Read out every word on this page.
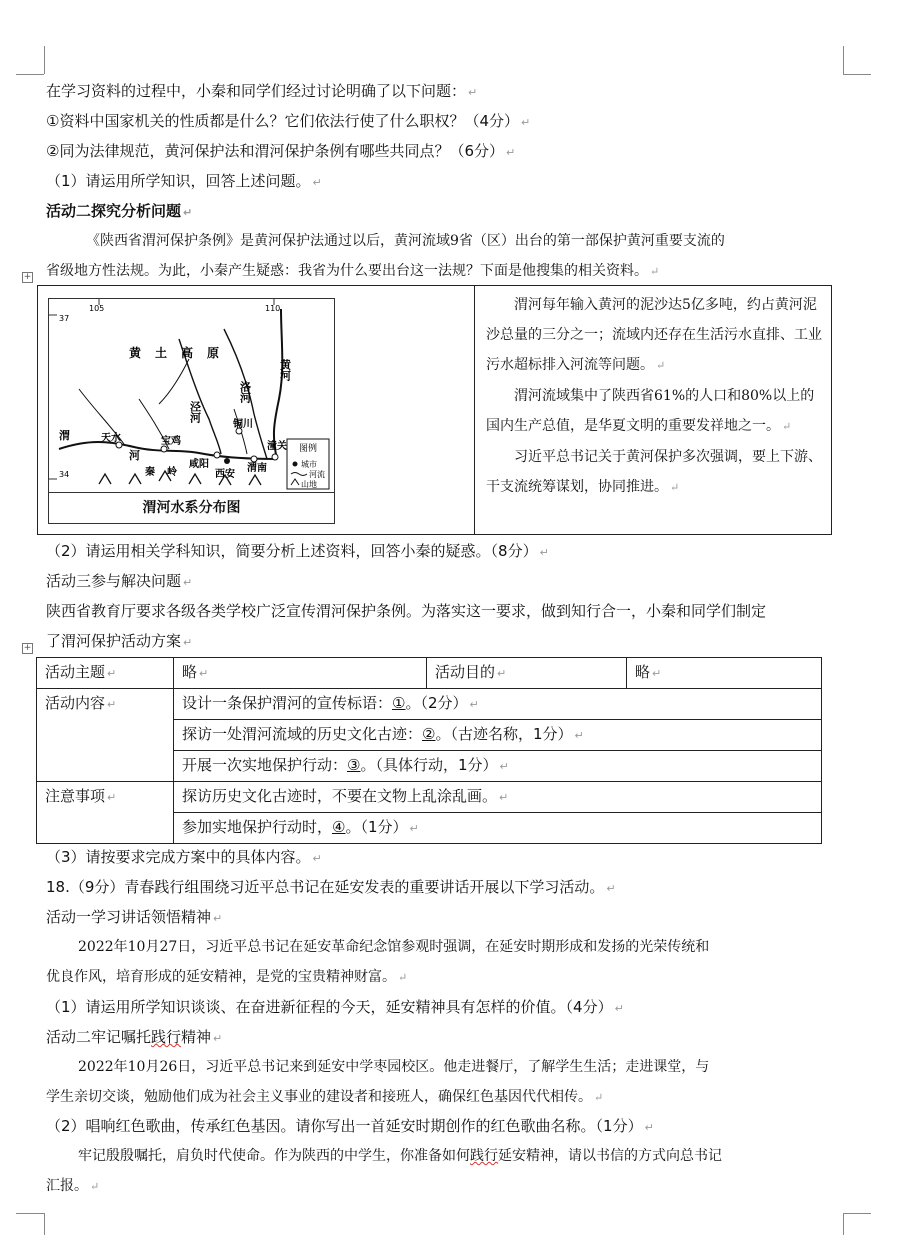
在学习资料的过程中，小秦和同学们经过讨论明确了以下问题： ↵
①资料中国家机关的性质都是什么？它们依法行使了什么职权？（4分） ↵
②同为法律规范，黄河保护法和渭河保护条例有哪些共同点？（6分） ↵
（1）请运用所学知识，回答上述问题。 ↵
活动二探究分析问题 ↵
《陕西省渭河保护条例》是黄河保护法通过以后，黄河流域9省（区）出台的第一部保护黄河重要支流的
省级地方性法规。为此，小秦产生疑惑：我省为什么要出台这一法规？下面是他搜集的相关资料。 ↵
+
105	110
37
34
黄土高原
黄河
洛河
泾河
渭
河
天水	宝鸡
咸阳
铜川
西安
渭南
潼关
秦岭
图例
城市
河流
山地
渭河水系分布图

渭河每年输入黄河的泥沙达5亿多吨，约占黄河泥沙总量的三分之一；流域内还存在生活污水直排、工业污水超标排入河流等问题。 ↵

渭河流域集中了陕西省61%的人口和80%以上的国内生产总值，是华夏文明的重要发祥地之一。 ↵

习近平总书记关于黄河保护多次强调，要上下游、干支流统筹谋划，协同推进。 ↵

（2）请运用相关学科知识，简要分析上述资料，回答小秦的疑惑。（8分） ↵
活动三参与解决问题 ↵
陕西省教育厅要求各级各类学校广泛宣传渭河保护条例。为落实这一要求，做到知行合一，小秦和同学们制定
了渭河保护活动方案 ↵
+
活动主题 ↵	略 ↵	活动目的 ↵	略 ↵
活动内容 ↵	设计一条保护渭河的宣传标语：①。（2分） ↵		
	探访一处渭河流域的历史文化古迹：②。（古迹名称，1分） ↵		
	开展一次实地保护行动：③。（具体行动，1分） ↵		
注意事项 ↵	探访历史文化古迹时，不要在文物上乱涂乱画。 ↵		
	参加实地保护行动时，④。（1分） ↵		
（3）请按要求完成方案中的具体内容。 ↵
18.（9分）青春践行组围绕习近平总书记在延安发表的重要讲话开展以下学习活动。 ↵
活动一学习讲话领悟精神 ↵
2022年10月27日，习近平总书记在延安革命纪念馆参观时强调，在延安时期形成和发扬的光荣传统和
优良作风，培育形成的延安精神，是党的宝贵精神财富。 ↵
（1）请运用所学知识谈谈、在奋进新征程的今天，延安精神具有怎样的价值。（4分） ↵
活动二牢记嘱托践行精神 ↵
2022年10月26日，习近平总书记来到延安中学枣园校区。他走进餐厅，了解学生生活；走进课堂，与
学生亲切交谈，勉励他们成为社会主义事业的建设者和接班人，确保红色基因代代相传。 ↵
（2）唱响红色歌曲，传承红色基因。请你写出一首延安时期创作的红色歌曲名称。（1分） ↵
牢记殷殷嘱托，肩负时代使命。作为陕西的中学生，你准备如何践行延安精神，请以书信的方式向总书记
汇报。 ↵
